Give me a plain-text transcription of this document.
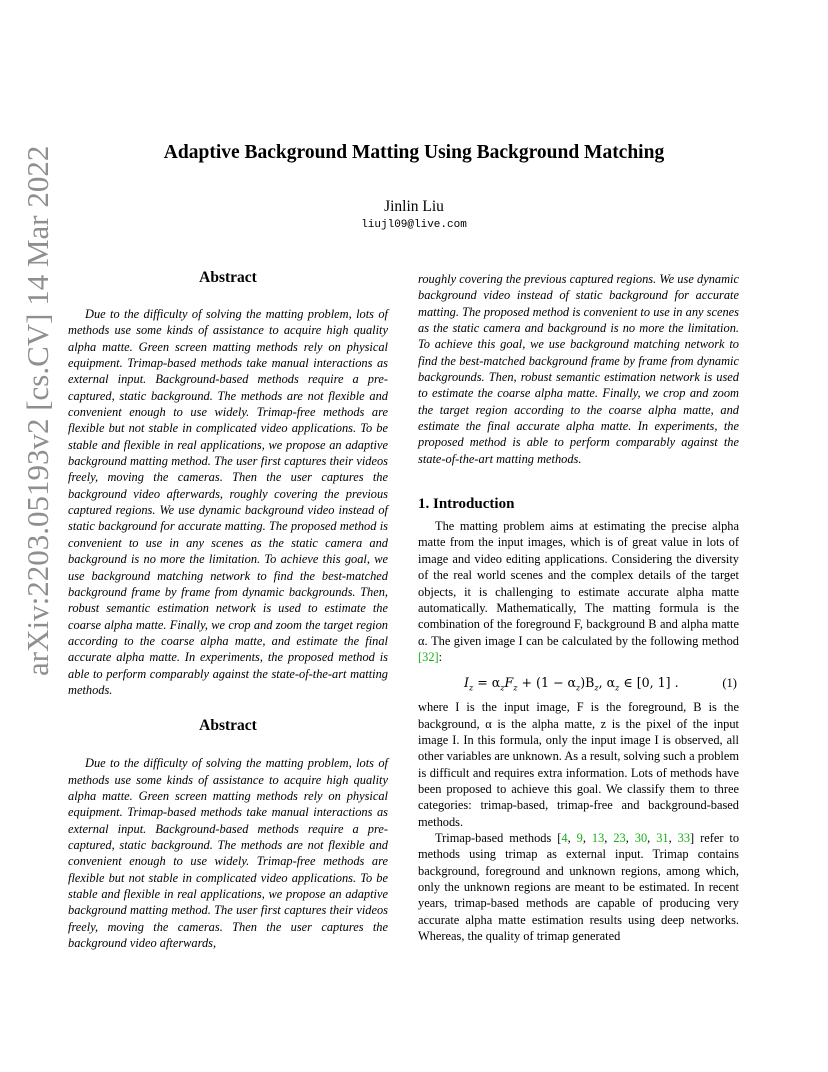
arXiv:2203.05193v2 [cs.CV] 14 Mar 2022	Adaptive Background Matting Using Background Matching
Jinlin Liu
liujl09@live.com
Abstract

Due to the difficulty of solving the matting problem, lots of methods use some kinds of assistance to acquire high quality alpha matte. Green screen matting methods rely on physical equipment. Trimap-based methods take manual interactions as external input. Background-based methods require a pre-captured, static background. The methods are not flexible and convenient enough to use widely. Trimap-free methods are flexible but not stable in complicated video applications. To be stable and flexible in real applications, we propose an adaptive background matting method. The user first captures their videos freely, moving the cameras. Then the user captures the background video afterwards, roughly covering the previous captured regions. We use dynamic background video instead of static background for accurate matting. The proposed method is convenient to use in any scenes as the static camera and background is no more the limitation. To achieve this goal, we use background matching network to find the best-matched background frame by frame from dynamic backgrounds. Then, robust semantic estimation network is used to estimate the coarse alpha matte. Finally, we crop and zoom the target region according to the coarse alpha matte, and estimate the final accurate alpha matte. In experiments, the proposed method is able to perform comparably against the state-of-the-art matting methods.

Abstract

Due to the difficulty of solving the matting problem, lots of methods use some kinds of assistance to acquire high quality alpha matte. Green screen matting methods rely on physical equipment. Trimap-based methods take manual interactions as external input. Background-based methods require a pre-captured, static background. The methods are not flexible and convenient enough to use widely. Trimap-free methods are flexible but not stable in complicated video applications. To be stable and flexible in real applications, we propose an adaptive background matting method. The user first captures their videos freely, moving the cameras. Then the user captures the background video afterwards,

roughly covering the previous captured regions. We use dynamic background video instead of static background for accurate matting. The proposed method is convenient to use in any scenes as the static camera and background is no more the limitation. To achieve this goal, we use background matching network to find the best-matched background frame by frame from dynamic backgrounds. Then, robust semantic estimation network is used to estimate the coarse alpha matte. Finally, we crop and zoom the target region according to the coarse alpha matte, and estimate the final accurate alpha matte. In experiments, the proposed method is able to perform comparably against the state-of-the-art matting methods.

1. Introduction

The matting problem aims at estimating the precise alpha matte from the input images, which is of great value in lots of image and video editing applications. Considering the diversity of the real world scenes and the complex details of the target objects, it is challenging to estimate accurate alpha matte automatically. Mathematically, The matting formula is the combination of the foreground F, background B and alpha matte α. The given image I can be calculated by the following method [32]:

$I_z = \alpha_zF_z + (1 - \alpha_z)B_z$, $\alpha_z$ ∈ [0, 1] .	(1)

where I is the input image, F is the foreground, B is the background, α is the alpha matte, z is the pixel of the input image I. In this formula, only the input image I is observed, all other variables are unknown. As a result, solving such a problem is difficult and requires extra information. Lots of methods have been proposed to achieve this goal. We classify them to three categories: trimap-based, trimap-free and background-based methods.

Trimap-based methods [4, 9, 13, 23, 30, 31, 33] refer to methods using trimap as external input. Trimap contains background, foreground and unknown regions, among which, only the unknown regions are meant to be estimated. In recent years, trimap-based methods are capable of producing very accurate alpha matte estimation results using deep networks. Whereas, the quality of trimap generated
